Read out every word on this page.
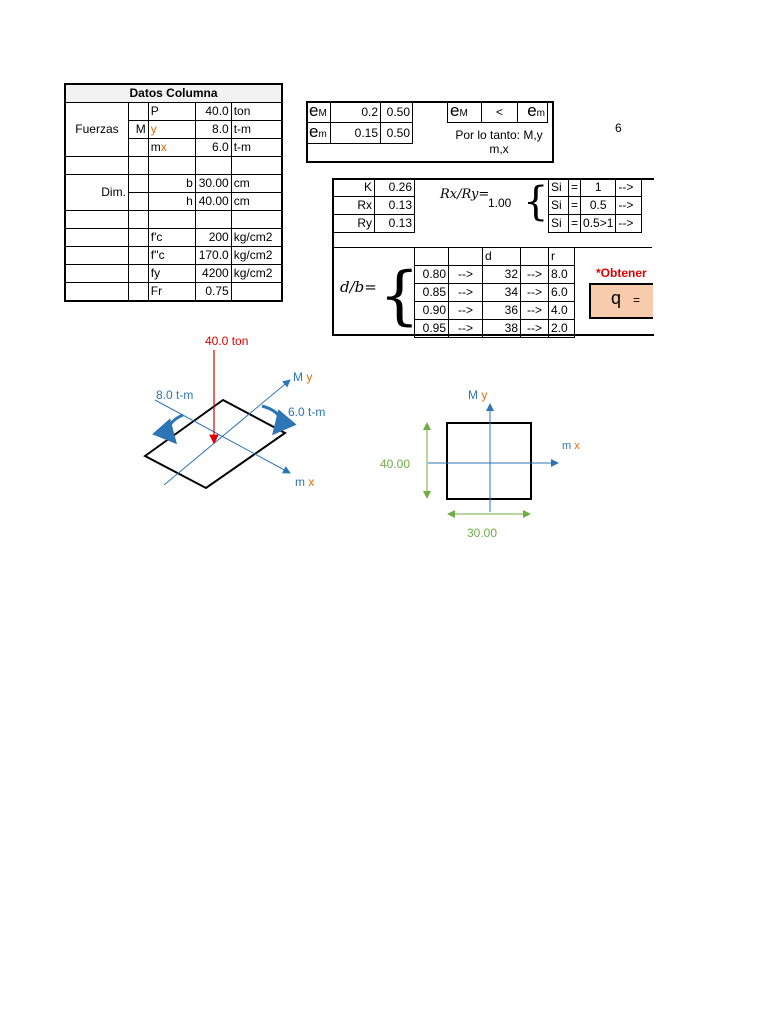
Datos Columna				
Fuerzas		P	40.0	ton
	M	y	8.0	t-m
		mx	6.0	t-m

Dim.		b	30.00	cm
		h	40.00	cm

		f'c	200	kg/cm2
		f''c	170.0	kg/cm2
		fy	4200	kg/cm2
		Fr	0.75	
eM	0.2	0.50
em	0.15	0.50
eM	<	em
Por lo tanto: M,y m,x
6
K	0.26
Rx	0.13
Ry	0.13
Rx/Ry=
1.00 { Si	=	1	-->
Si	=	0.5	-->
Si	=	0.5>1	-->
d/b= {
		d		r
0.80	-->	32	-->	8.0
0.85	-->	34	-->	6.0
0.90	-->	36	-->	4.0
0.95	-->	38	-->	2.0
*Obtener
q =
40.0 ton
8.0 t-m
6.0 t-m
M y
m x
M y
m x
40.00
30.00
